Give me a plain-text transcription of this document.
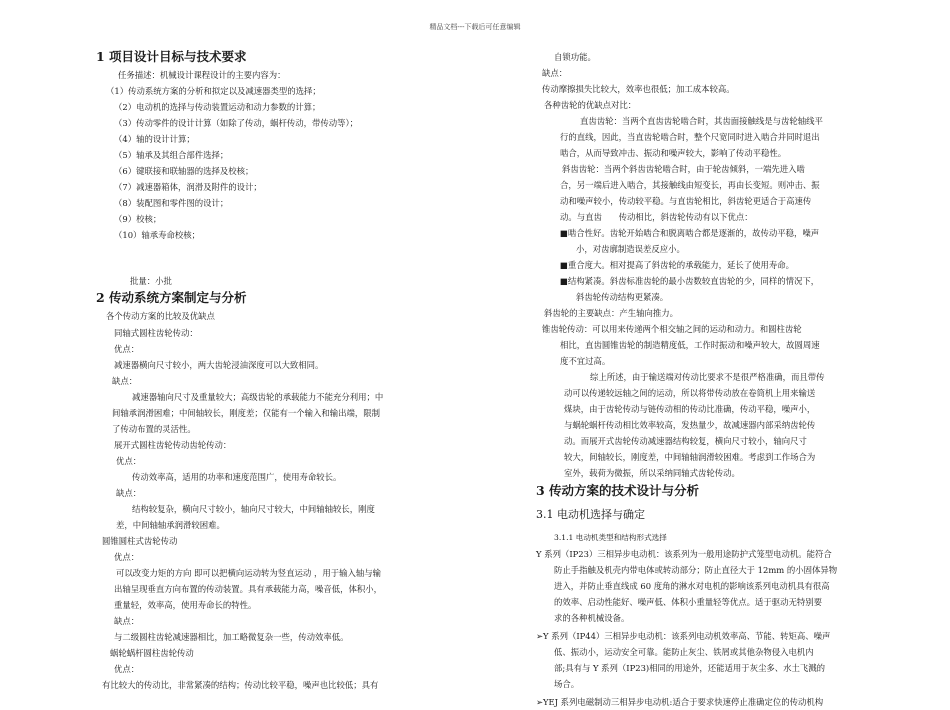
精品文档---下载后可任意编辑

1 项目设计目标与技术要求

任务描述：机械设计课程设计的主要内容为：

（1）传动系统方案的分析和拟定以及减速器类型的选择；

（2）电动机的选择与传动装置运动和动力参数的计算；

（3）传动零件的设计计算（如除了传动，蜗杆传动，带传动等）；

（4）轴的设计计算；

（5）轴承及其组合部件选择；

（6）键联接和联轴器的选择及校核；

（7）减速器箱体，润滑及附件的设计；

（8）装配图和零件图的设计；

（9）校核；

（10）轴承寿命校核；

批量：小批

2 传动系统方案制定与分析

各个传动方案的比较及优缺点

同轴式圆柱齿轮传动：

优点：

减速器横向尺寸较小，两大齿轮浸油深度可以大致相同。

缺点：

减速器轴向尺寸及重量较大；高级齿轮的承载能力不能充分利用；中

间轴承润滑困难；中间轴较长，刚度差；仅能有一个输入和输出端，限制

了传动布置的灵活性。

展开式圆柱齿轮传动齿轮传动：

优点：

传动效率高，适用的功率和速度范围广，使用寿命较长。

缺点：

结构较复杂，横向尺寸较小，轴向尺寸较大，中间轴轴较长，刚度

差，中间轴轴承润滑较困难。

圆锥圆柱式齿轮传动

优点：

可以改变力矩的方向 即可以把横向运动转为竖直运动 ，用于输入轴与输

出轴呈现垂直方向布置的传动装置。具有承载能力高，噪音低，体积小，

重量轻，效率高，使用寿命长的特性。

缺点：

与二级圆柱齿轮减速器相比，加工略微复杂一些，传动效率低。

蜗轮蜗杆圆柱齿轮传动

优点：

有比较大的传动比，非常紧凑的结构；传动比较平稳，噪声也比较低；具有

自锁功能。

缺点：

传动摩擦损失比较大，效率也很低；加工成本较高。

各种齿轮的优缺点对比：

直齿齿轮：当两个直齿齿轮啮合时，其齿面接触线是与齿轮轴线平

行的直线，因此，当直齿轮啮合时，整个尺宽同时进入啮合并同时退出

啮合，从而导致冲击、振动和噪声较大，影响了传动平稳性。

斜齿齿轮：当两个斜齿齿轮啮合时，由于轮齿倾斜，一端先进入啮

合，另一端后进入啮合，其接触线由短变长，再由长变短。则冲击、振

动和噪声较小，传动较平稳。与直齿轮相比，斜齿轮更适合于高速传

动。与直齿　　传动相比，斜齿轮传动有以下优点：

■啮合性好。齿轮开始啮合和脱离啮合都是逐渐的，故传动平稳，噪声

小，对齿廓制造误差反应小。

■重合度大。相对提高了斜齿轮的承载能力，延长了使用寿命。

■结构紧凑。斜齿标准齿轮的最小齿数较直齿轮的少，同样的情况下，

斜齿轮传动结构更紧凑。

斜齿轮的主要缺点：产生轴向推力。

锥齿轮传动：可以用来传递两个相交轴之间的运动和动力。和圆柱齿轮

相比，直齿圆锥齿轮的制造精度低，工作时振动和噪声较大，故圆周速

度不宜过高。

综上所述，由于输送端对传动比要求不是很严格准确，而且带传

动可以传递较远轴之间的运动，所以将带传动放在卷筒机上用来输送

煤块，由于齿轮传动与链传动相的传动比准确，传动平稳，噪声小，

与蜗轮蜗杆传动相比效率较高，发热量少，故减速器内部采纳齿轮传

动。而展开式齿轮传动减速器结构较复，横向尺寸较小，轴向尺寸

较大，间轴较长，刚度差，中间轴轴润滑较困难。考虑到工作场合为

室外，载荷为微振，所以采纳同轴式齿轮传动。

3 传动方案的技术设计与分析

3.1 电动机选择与确定

3.1.1 电动机类型和结构形式选择

Y 系列（IP23）三相异步电动机：该系列为一般用途防护式笼型电动机。能符合

防止手指触及机壳内带电体或转动部分；防止直径大于 12mm 的小固体异物

进入，并防止垂直线成 60 度角的淋水对电机的影响该系列电动机具有很高

的效率、启动性能好、噪声低、体积小重量轻等优点。适于驱动无特别要

求的各种机械设备。

➢Y 系列（IP44）三相异步电动机：该系列电动机效率高、节能、转矩高、噪声

低、振动小，运动安全可靠。能防止灰尘、铁屑或其他杂物侵入电机内

部;具有与 Y 系列（IP23)相同的用途外，还能适用于灰尘多、水土飞溅的

场合。

➢YEJ 系列电磁制动三相异步电动机:适合于要求快速停止准确定位的传动机构
